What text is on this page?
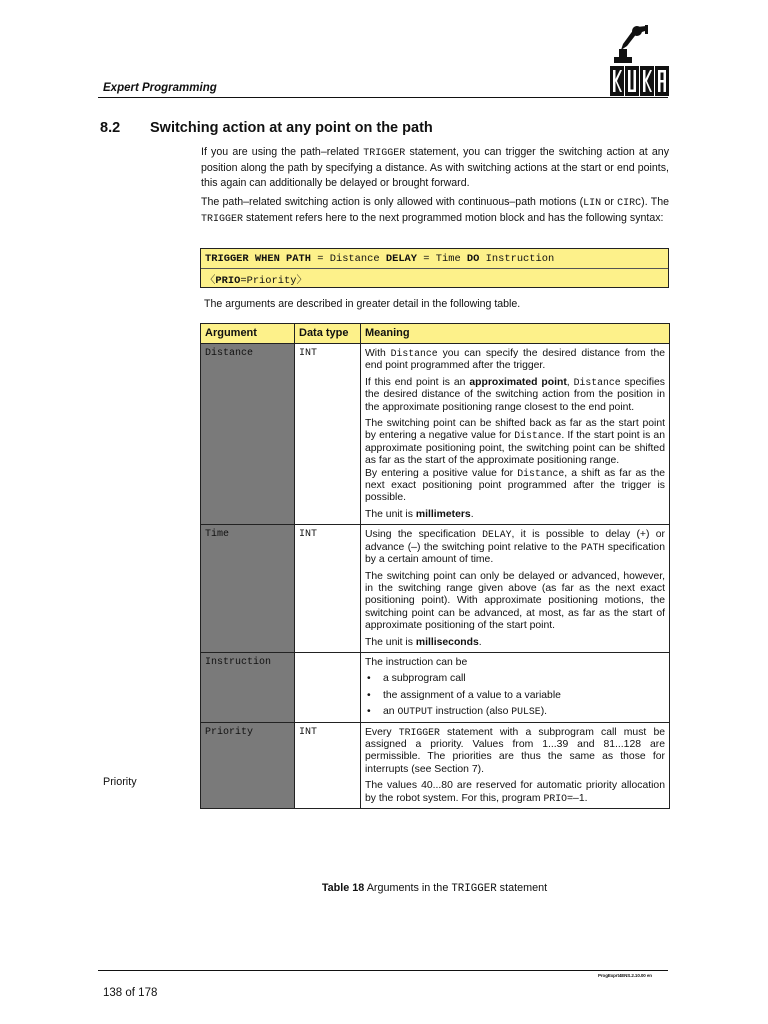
Expert Programming
8.2 Switching action at any point on the path
If you are using the path–related TRIGGER statement, you can trigger the switching action at any position along the path by specifying a distance. As with switching actions at the start or end points, this again can additionally be delayed or brought forward.
The path–related switching action is only allowed with continuous–path motions (LIN or CIRC). The TRIGGER statement refers here to the next programmed motion block and has the following syntax:
TRIGGER WHEN PATH = Distance DELAY = Time DO Instruction
〈PRIO=Priority〉
The arguments are described in greater detail in the following table.
Argument	Data type	Meaning
Distance	INT	With Distance you can specify the desired distance from the end point programmed after the trigger.

If this end point is an approximated point, Distance specifies the desired distance of the switching action from the position in the approximate positioning range closest to the end point.

The switching point can be shifted back as far as the start point by entering a negative value for Distance. If the start point is an approximate positioning point, the switching point can be shifted as far as the start of the approximate positioning range.
By entering a positive value for Distance, a shift as far as the next exact positioning point programmed after the trigger is possible.

The unit is millimeters.

Time	INT	Using the specification DELAY, it is possible to delay (+) or advance (–) the switching point relative to the PATH specification by a certain amount of time.

The switching point can only be delayed or advanced, however, in the switching range given above (as far as the next exact positioning point). With approximate positioning motions, the switching point can be advanced, at most, as far as the start of approximate positioning of the start point.

The unit is milliseconds.

Instruction		The instruction can be

• a subprogram call

• the assignment of a value to a variable

• an OUTPUT instruction (also PULSE).

Priority	INT	Every TRIGGER statement with a subprogram call must be assigned a priority. Values from 1...39 and 81...128 are permissible. The priorities are thus the same as those for interrupts (see Section 7).

The values 40...80 are reserved for automatic priority allocation by the robot system. For this, program PRIO=–1.

Priority
Table 18 Arguments in the TRIGGER statement
ProgExprt4ENS.2.10.00 en
138 of 178
